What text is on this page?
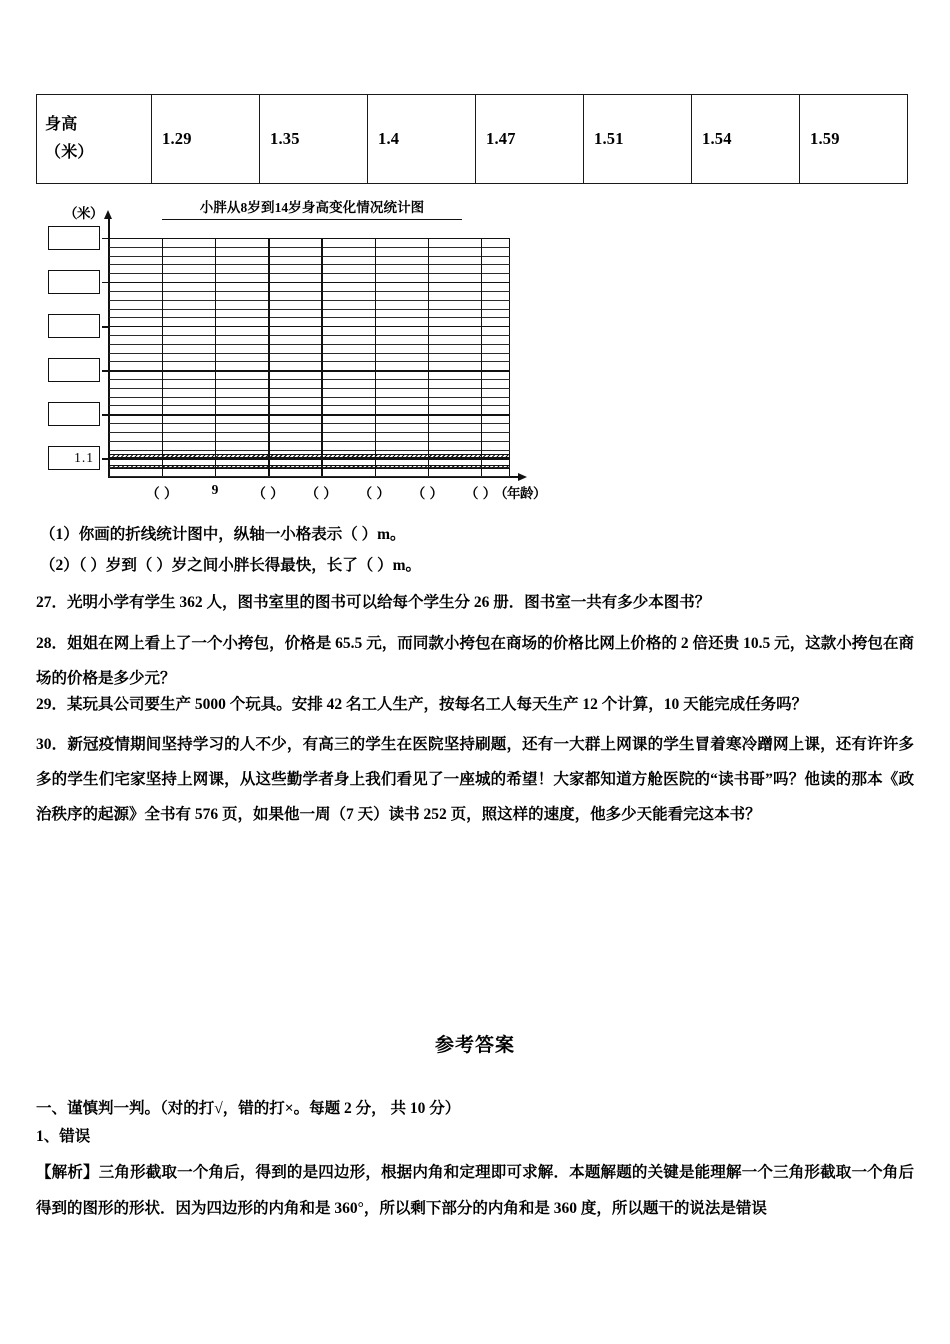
身高
（米）
	1.29	1.35	1.4	1.47	1.51	1.54	1.59
（米）	小胖从8岁到14岁身高变化情况统计图
1.1
（ ） 9 （ ） （ ） （ ） （ ） （ ）
（年龄）
（1）你画的折线统计图中，纵轴一小格表示（ ）m。
（2）（ ）岁到（ ）岁之间小胖长得最快，长了（ ）m。
27．光明小学有学生 362 人，图书室里的图书可以给每个学生分 26 册．图书室一共有多少本图书？
28．姐姐在网上看上了一个小挎包，价格是 65.5 元，而同款小挎包在商场的价格比网上价格的 2 倍还贵 10.5 元，这款小挎包在商场的价格是多少元？
29．某玩具公司要生产 5000 个玩具。安排 42 名工人生产，按每名工人每天生产 12 个计算，10 天能完成任务吗？
30．新冠疫情期间坚持学习的人不少，有高三的学生在医院坚持刷题，还有一大群上网课的学生冒着寒冷蹭网上课，还有许许多多的学生们宅家坚持上网课，从这些勤学者身上我们看见了一座城的希望！大家都知道方舱医院的“读书哥”吗？他读的那本《政治秩序的起源》全书有 576 页，如果他一周（7 天）读书 252 页，照这样的速度，他多少天能看完这本书？
参考答案
一、谨慎判一判。（对的打√，错的打×。每题 2 分， 共 10 分）
1、错误
【解析】三角形截取一个角后，得到的是四边形，根据内角和定理即可求解．本题解题的关键是能理解一个三角形截取一个角后得到的图形的形状．因为四边形的内角和是 360°，所以剩下部分的内角和是 360 度，所以题干的说法是错误
